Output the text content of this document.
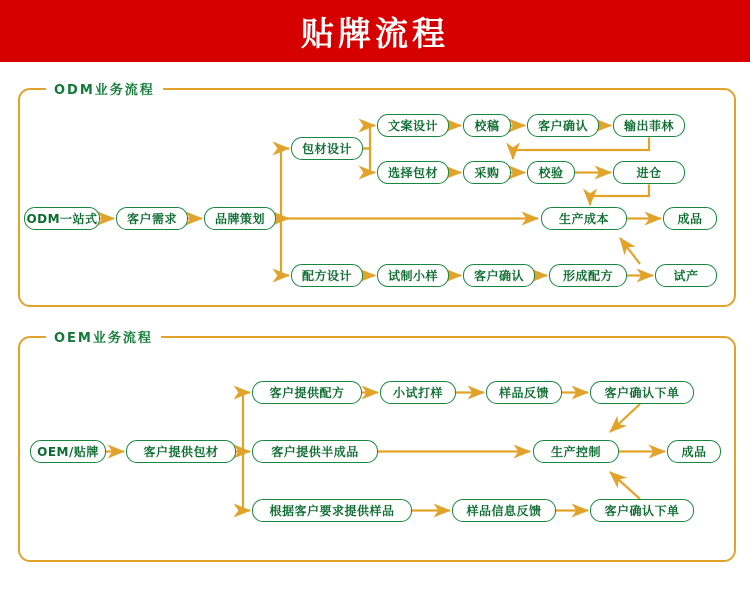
贴牌流程
ODM业务流程
OEM业务流程
ODM一站式	客户需求	品牌策划
包材设计
文案设计	校稿	客户确认	输出菲林
选择包材	采购	校验	进仓
生产成本	成品
配方设计	试制小样	客户确认	形成配方	试产
OEM/贴牌	客户提供包材
客户提供配方	小试打样	样品反馈	客户确认下单
客户提供半成品	生产控制	成品
根据客户要求提供样品	样品信息反馈	客户确认下单
